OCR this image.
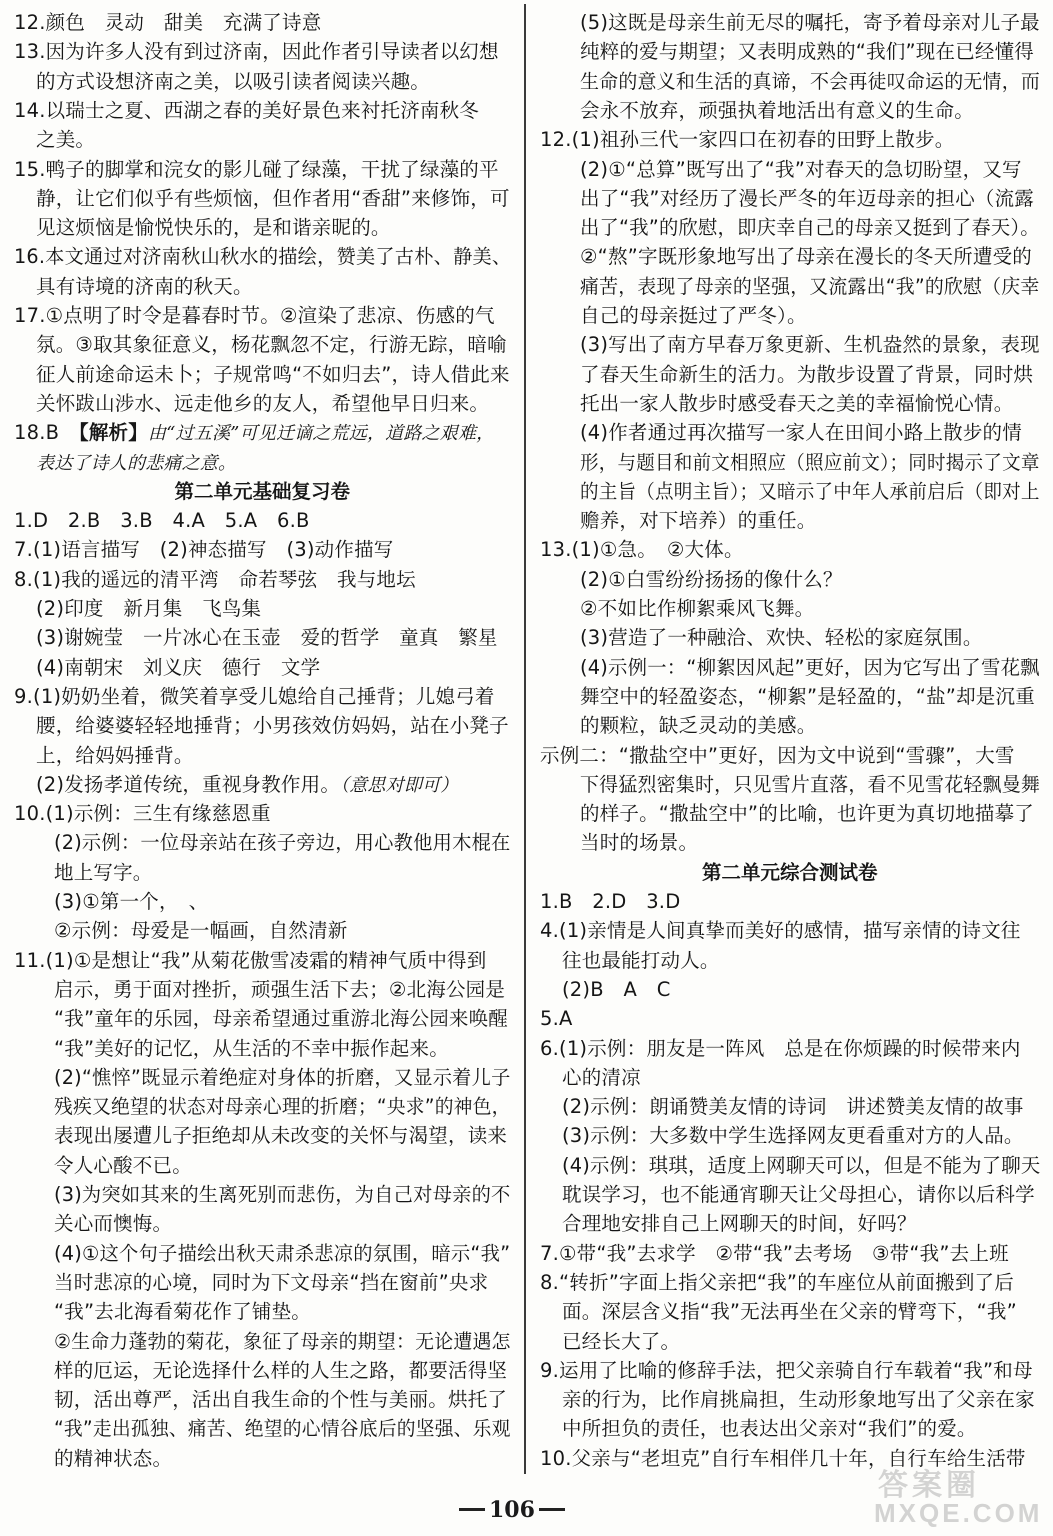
12.颜色　灵动　甜美　充满了诗意
13.因为许多人没有到过济南，因此作者引导读者以幻想
的方式设想济南之美，以吸引读者阅读兴趣。
14.以瑞士之夏、西湖之春的美好景色来衬托济南秋冬
之美。
15.鸭子的脚掌和浣女的影儿碰了绿藻，干扰了绿藻的平
静，让它们似乎有些烦恼，但作者用“香甜”来修饰，可
见这烦恼是愉悦快乐的，是和谐亲昵的。
16.本文通过对济南秋山秋水的描绘，赞美了古朴、静美、
具有诗境的济南的秋天。
17.①点明了时令是暮春时节。②渲染了悲凉、伤感的气
氛。③取其象征意义，杨花飘忽不定，行游无踪，暗喻
征人前途命运未卜；子规常鸣“不如归去”，诗人借此来
关怀跋山涉水、远走他乡的友人，希望他早日归来。
18.B　【解析】由“过五溪”可见迁谪之荒远，道路之艰难，
表达了诗人的悲痛之意。
第二单元基础复习卷
1.D　2.B　3.B　4.A　5.A　6.B
7.(1)语言描写　(2)神态描写　(3)动作描写
8.(1)我的遥远的清平湾　命若琴弦　我与地坛
(2)印度　新月集　飞鸟集
(3)谢婉莹　一片冰心在玉壶　爱的哲学　童真　繁星
(4)南朝宋　刘义庆　德行　文学
9.(1)奶奶坐着，微笑着享受儿媳给自己捶背；儿媳弓着
腰，给婆婆轻轻地捶背；小男孩效仿妈妈，站在小凳子
上，给妈妈捶背。
(2)发扬孝道传统，重视身教作用。（意思对即可）
10.(1)示例：三生有缘慈恩重
(2)示例：一位母亲站在孩子旁边，用心教他用木棍在
地上写字。
(3)①第一个，　、
②示例：母爱是一幅画，自然清新
11.(1)①是想让“我”从菊花傲雪凌霜的精神气质中得到
启示，勇于面对挫折，顽强生活下去；②北海公园是
“我”童年的乐园，母亲希望通过重游北海公园来唤醒
“我”美好的记忆，从生活的不幸中振作起来。
(2)“憔悴”既显示着绝症对身体的折磨，又显示着儿子
残疾又绝望的状态对母亲心理的折磨；“央求”的神色，
表现出屡遭儿子拒绝却从未改变的关怀与渴望，读来
令人心酸不已。
(3)为突如其来的生离死别而悲伤，为自己对母亲的不
关心而懊悔。
(4)①这个句子描绘出秋天肃杀悲凉的氛围，暗示“我”
当时悲凉的心境，同时为下文母亲“挡在窗前”央求
“我”去北海看菊花作了铺垫。
②生命力蓬勃的菊花，象征了母亲的期望：无论遭遇怎
样的厄运，无论选择什么样的人生之路，都要活得坚
韧，活出尊严，活出自我生命的个性与美丽。烘托了
“我”走出孤独、痛苦、绝望的心情谷底后的坚强、乐观
的精神状态。
(5)这既是母亲生前无尽的嘱托，寄予着母亲对儿子最
纯粹的爱与期望；又表明成熟的“我们”现在已经懂得
生命的意义和生活的真谛，不会再徒叹命运的无情，而
会永不放弃，顽强执着地活出有意义的生命。
12.(1)祖孙三代一家四口在初春的田野上散步。
(2)①“总算”既写出了“我”对春天的急切盼望，又写
出了“我”对经历了漫长严冬的年迈母亲的担心（流露
出了“我”的欣慰，即庆幸自己的母亲又挺到了春天）。
②“熬”字既形象地写出了母亲在漫长的冬天所遭受的
痛苦，表现了母亲的坚强，又流露出“我”的欣慰（庆幸
自己的母亲挺过了严冬）。
(3)写出了南方早春万象更新、生机盎然的景象，表现
了春天生命新生的活力。为散步设置了背景，同时烘
托出一家人散步时感受春天之美的幸福愉悦心情。
(4)作者通过再次描写一家人在田间小路上散步的情
形，与题目和前文相照应（照应前文）；同时揭示了文章
的主旨（点明主旨）；又暗示了中年人承前启后（即对上
赡养，对下培养）的重任。
13.(1)①急。　②大体。
(2)①白雪纷纷扬扬的像什么？
②不如比作柳絮乘风飞舞。
(3)营造了一种融洽、欢快、轻松的家庭氛围。
(4)示例一：“柳絮因风起”更好，因为它写出了雪花飘
舞空中的轻盈姿态，“柳絮”是轻盈的，“盐”却是沉重
的颗粒，缺乏灵动的美感。
示例二：“撒盐空中”更好，因为文中说到“雪骤”，大雪
下得猛烈密集时，只见雪片直落，看不见雪花轻飘曼舞
的样子。“撒盐空中”的比喻，也许更为真切地描摹了
当时的场景。
第二单元综合测试卷
1.B　2.D　3.D
4.(1)亲情是人间真挚而美好的感情，描写亲情的诗文往
往也最能打动人。
(2)B　A　C
5.A
6.(1)示例：朋友是一阵风　总是在你烦躁的时候带来内
心的清凉
(2)示例：朗诵赞美友情的诗词　讲述赞美友情的故事
(3)示例：大多数中学生选择网友更看重对方的人品。
(4)示例：琪琪，适度上网聊天可以，但是不能为了聊天
耽误学习，也不能通宵聊天让父母担心，请你以后科学
合理地安排自己上网聊天的时间，好吗？
7.①带“我”去求学　②带“我”去考场　③带“我”去上班
8.“转折”字面上指父亲把“我”的车座位从前面搬到了后
面。深层含义指“我”无法再坐在父亲的臂弯下，“我”
已经长大了。
9.运用了比喻的修辞手法，把父亲骑自行车载着“我”和母
亲的行为，比作肩挑扁担，生动形象地写出了父亲在家
中所担负的责任，也表达出父亲对“我们”的爱。
10.父亲与“老坦克”自行车相伴几十年，自行车给生活带
106
答案圈
MXQE.COM
